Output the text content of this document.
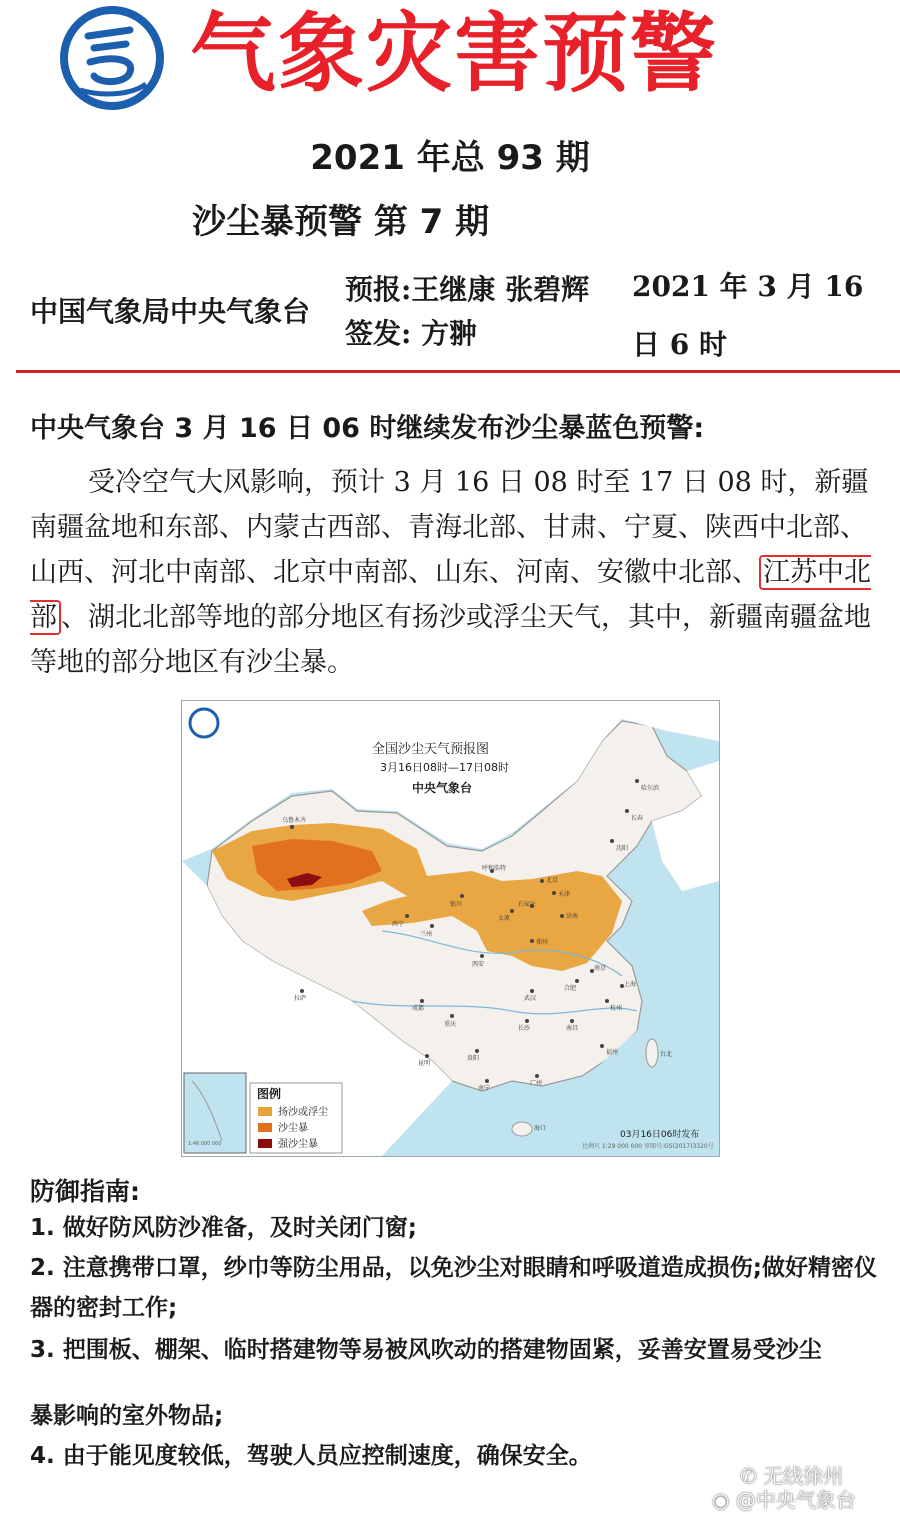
气象灾害预警
2021 年总 93 期
沙尘暴预警 第 7 期
中国气象局中央气象台
预报:王继康 张碧辉
签发: 方翀
2021 年 3 月 16 日 6 时
中央气象台 3 月 16 日 06 时继续发布沙尘暴蓝色预警:
受冷空气大风影响，预计 3 月 16 日 08 时至 17 日 08 时，新疆南疆盆地和东部、内蒙古西部、青海北部、甘肃、宁夏、陕西中北部、山西、河北中南部、北京中南部、山东、河南、安徽中北部、 江苏中北部 、湖北北部等地的部分地区有扬沙或浮尘天气，其中，新疆南疆盆地等地的部分地区有沙尘暴。
全国沙尘天气预报图
3月16日08时—17日08时
中央气象台
图例
扬沙或浮尘
沙尘暴
强沙尘暴
03月16日06时发布
比例尺 1:29 000 000 审图号:GS(2017)3320号
1:46 000 000
乌鲁木齐
北京
天津
石家庄
太原	济南
郑州
西安
兰州
西宁
银川
呼和浩特
成都
重庆
武汉
南京
上海
杭州
合肥
长沙	南昌
福州
贵阳
昆明
南宁
广州
沈阳
长春
哈尔滨
台北
海口
拉萨
防御指南:
1. 做好防风防沙准备，及时关闭门窗;
2. 注意携带口罩，纱巾等防尘用品，以免沙尘对眼睛和呼吸道造成损伤;做好精密仪器的密封工作;
3. 把围板、棚架、临时搭建物等易被风吹动的搭建物固紧，妥善安置易受沙尘
暴影响的室外物品;
4. 由于能见度较低，驾驶人员应控制速度，确保安全。
✆ 无线徐州
◉ @中央气象台
